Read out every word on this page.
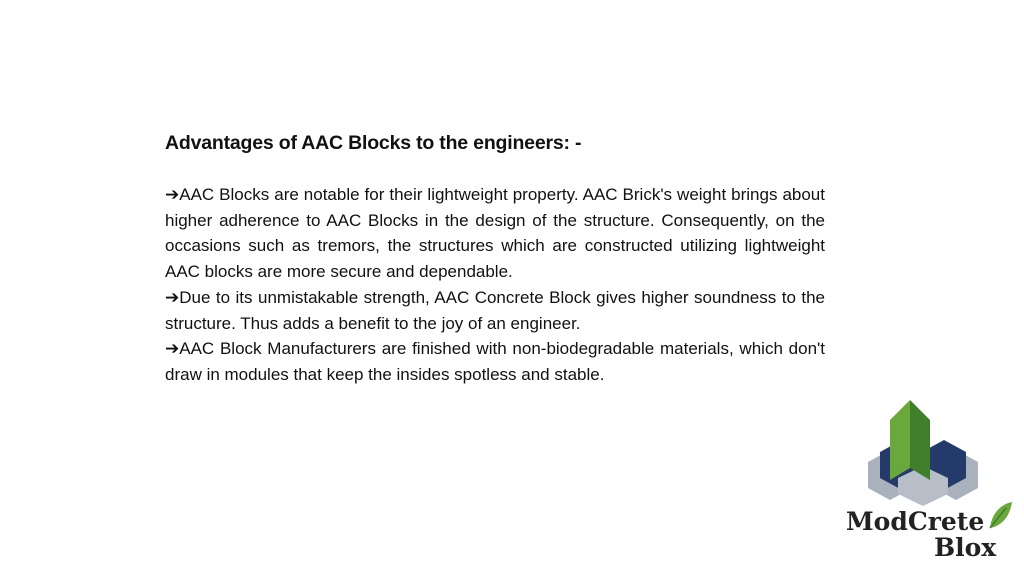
Advantages of AAC Blocks to the engineers: -

➔AAC Blocks are notable for their lightweight property. AAC Brick's weight brings about higher adherence to AAC Blocks in the design of the structure. Consequently, on the occasions such as tremors, the structures which are constructed utilizing lightweight AAC blocks are more secure and dependable.

➔Due to its unmistakable strength, AAC Concrete Block gives higher soundness to the structure. Thus adds a benefit to the joy of an engineer.

➔AAC Block Manufacturers are finished with non-biodegradable materials, which don't draw in modules that keep the insides spotless and stable.

ModCrete
Blox
